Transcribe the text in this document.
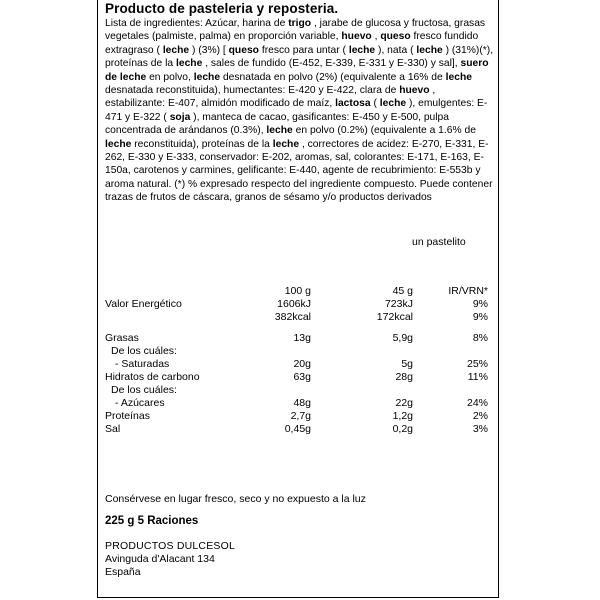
Producto de pasteleria y reposteria.
Lista de ingredientes: Azúcar, harina de trigo , jarabe de glucosa y fructosa, grasas vegetales (palmiste, palma) en proporción variable, huevo , queso fresco fundido extragraso ( leche ) (3%) [ queso fresco para untar ( leche ), nata ( leche ) (31%)(*), proteínas de la leche , sales de fundido (E-452, E-339, E-331 y E-330) y sal], suero de leche en polvo, leche desnatada en polvo (2%) (equivalente a 16% de leche desnatada reconstituida), humectantes: E-420 y E-422, clara de huevo , estabilizante: E-407, almidón modificado de maíz, lactosa ( leche ), emulgentes: E-471 y E-322 ( soja ), manteca de cacao, gasificantes: E-450 y E-500, pulpa concentrada de arándanos (0.3%), leche en polvo (0.2%) (equivalente a 1.6% de leche reconstituida), proteínas de la leche , correctores de acidez: E-270, E-331, E-262, E-330 y E-333, conservador: E-202, aromas, sal, colorantes: E-171, E-163, E-150a, carotenos y carmines, gelificante: E-440, agente de recubrimiento: E-553b y aroma natural. (*) % expresado respecto del ingrediente compuesto. Puede contener trazas de frutos de cáscara, granos de sésamo y/o productos derivados
un pastelito
100 g	45 g	IR/VRN*
Valor Energético	1606kJ	723kJ	9%
382kcal	172kcal	9%
Grasas	13g	5,9g	8%
De los cuáles:
- Saturadas	20g	5g	25%
Hidratos de carbono	63g	28g	11%
De los cuáles:
- Azúcares	48g	22g	24%
Proteínas	2,7g	1,2g	2%
Sal	0,45g	0,2g	3%
Consérvese en lugar fresco, seco y no expuesto a la luz
225 g 5 Raciones
PRODUCTOS DULCESOL
Avinguda d'Alacant 134
España
